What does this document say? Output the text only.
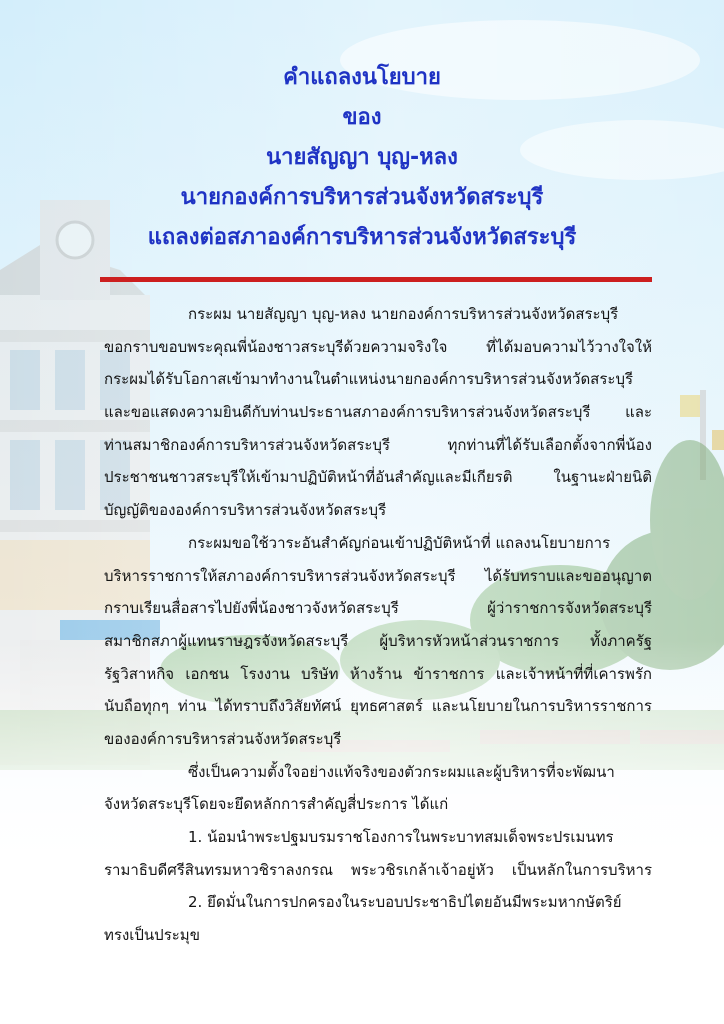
คำแถลงนโยบาย
ของ
นายสัญญา บุญ-หลง
นายกองค์การบริหารส่วนจังหวัดสระบุรี
แถลงต่อสภาองค์การบริหารส่วนจังหวัดสระบุรี
กระผม นายสัญญา บุญ-หลง นายกองค์การบริหารส่วนจังหวัดสระบุรี
ขอกราบขอบพระคุณพี่น้องชาวสระบุรีด้วยความจริงใจ ที่ได้มอบความไว้วางใจให้
กระผมได้รับโอกาสเข้ามาทำงานในตำแหน่งนายกองค์การบริหารส่วนจังหวัดสระบุรี
และขอแสดงความยินดีกับท่านประธานสภาองค์การบริหารส่วนจังหวัดสระบุรี และ
ท่านสมาชิกองค์การบริหารส่วนจังหวัดสระบุรี ทุกท่านที่ได้รับเลือกตั้งจากพี่น้อง
ประชาชนชาวสระบุรีให้เข้ามาปฏิบัติหน้าที่อันสำคัญและมีเกียรติ ในฐานะฝ่ายนิติ
บัญญัติขององค์การบริหารส่วนจังหวัดสระบุรี
กระผมขอใช้วาระอันสำคัญก่อนเข้าปฏิบัติหน้าที่ แถลงนโยบายการ
บริหารราชการให้สภาองค์การบริหารส่วนจังหวัดสระบุรี ได้รับทราบและขออนุญาต
กราบเรียนสื่อสารไปยังพี่น้องชาวจังหวัดสระบุรี ผู้ว่าราชการจังหวัดสระบุรี
สมาชิกสภาผู้แทนราษฎรจังหวัดสระบุรี ผู้บริหารหัวหน้าส่วนราชการ ทั้งภาครัฐ
รัฐวิสาหกิจ เอกชน โรงงาน บริษัท ห้างร้าน ข้าราชการ และเจ้าหน้าที่ที่เคารพรัก
นับถือทุกๆ ท่าน ได้ทราบถึงวิสัยทัศน์ ยุทธศาสตร์ และนโยบายในการบริหารราชการ
ขององค์การบริหารส่วนจังหวัดสระบุรี
ซึ่งเป็นความตั้งใจอย่างแท้จริงของตัวกระผมและผู้บริหารที่จะพัฒนา
จังหวัดสระบุรีโดยจะยึดหลักการสำคัญสี่ประการ ได้แก่
1. น้อมนำพระปฐมบรมราชโองการในพระบาทสมเด็จพระปรเมนทร
รามาธิบดีศรีสินทรมหาวชิราลงกรณ พระวชิรเกล้าเจ้าอยู่หัว เป็นหลักในการบริหาร
2. ยึดมั่นในการปกครองในระบอบประชาธิปไตยอันมีพระมหากษัตริย์
ทรงเป็นประมุข
